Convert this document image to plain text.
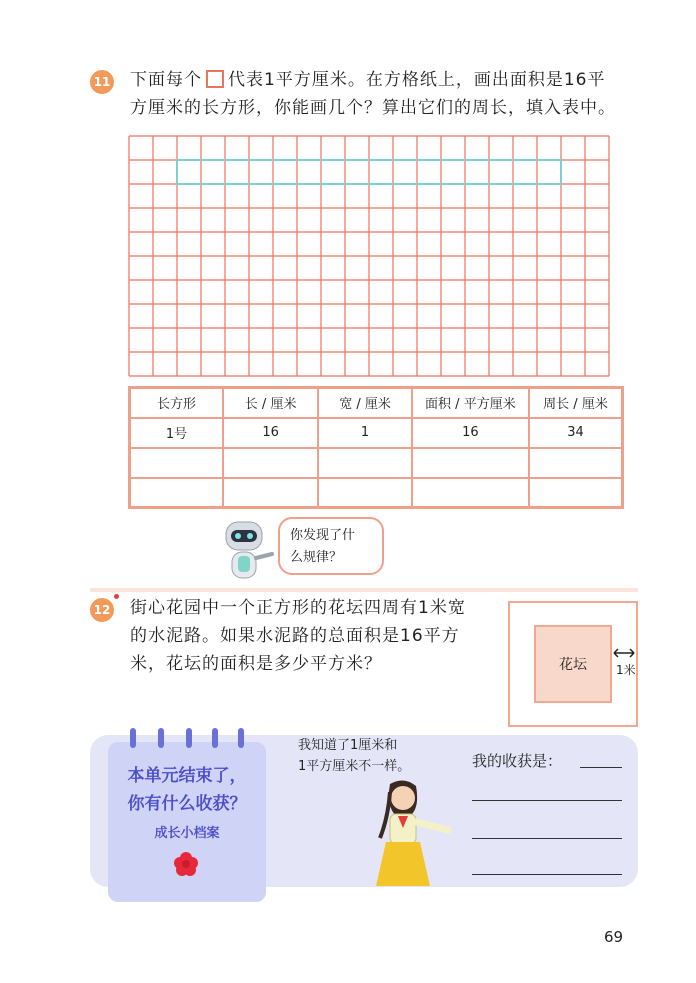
11 下面每个 代表1平方厘米。在方格纸上，画出面积是16平
方厘米的长方形，你能画几个？算出它们的周长，填入表中。
长方形	长 / 厘米	宽 / 厘米	面积 / 平方厘米	周长 / 厘米
1号	16	1	16	34

你发现了什
么规律？
12 街心花园中一个正方形的花坛四周有1米宽
的水泥路。如果水泥路的总面积是16平方
米，花坛的面积是多少平方米？	花坛 1米
本单元结束了，
你有什么收获？
成长小档案
我知道了1厘米和
1平方厘米不一样。	我的收获是：
69
